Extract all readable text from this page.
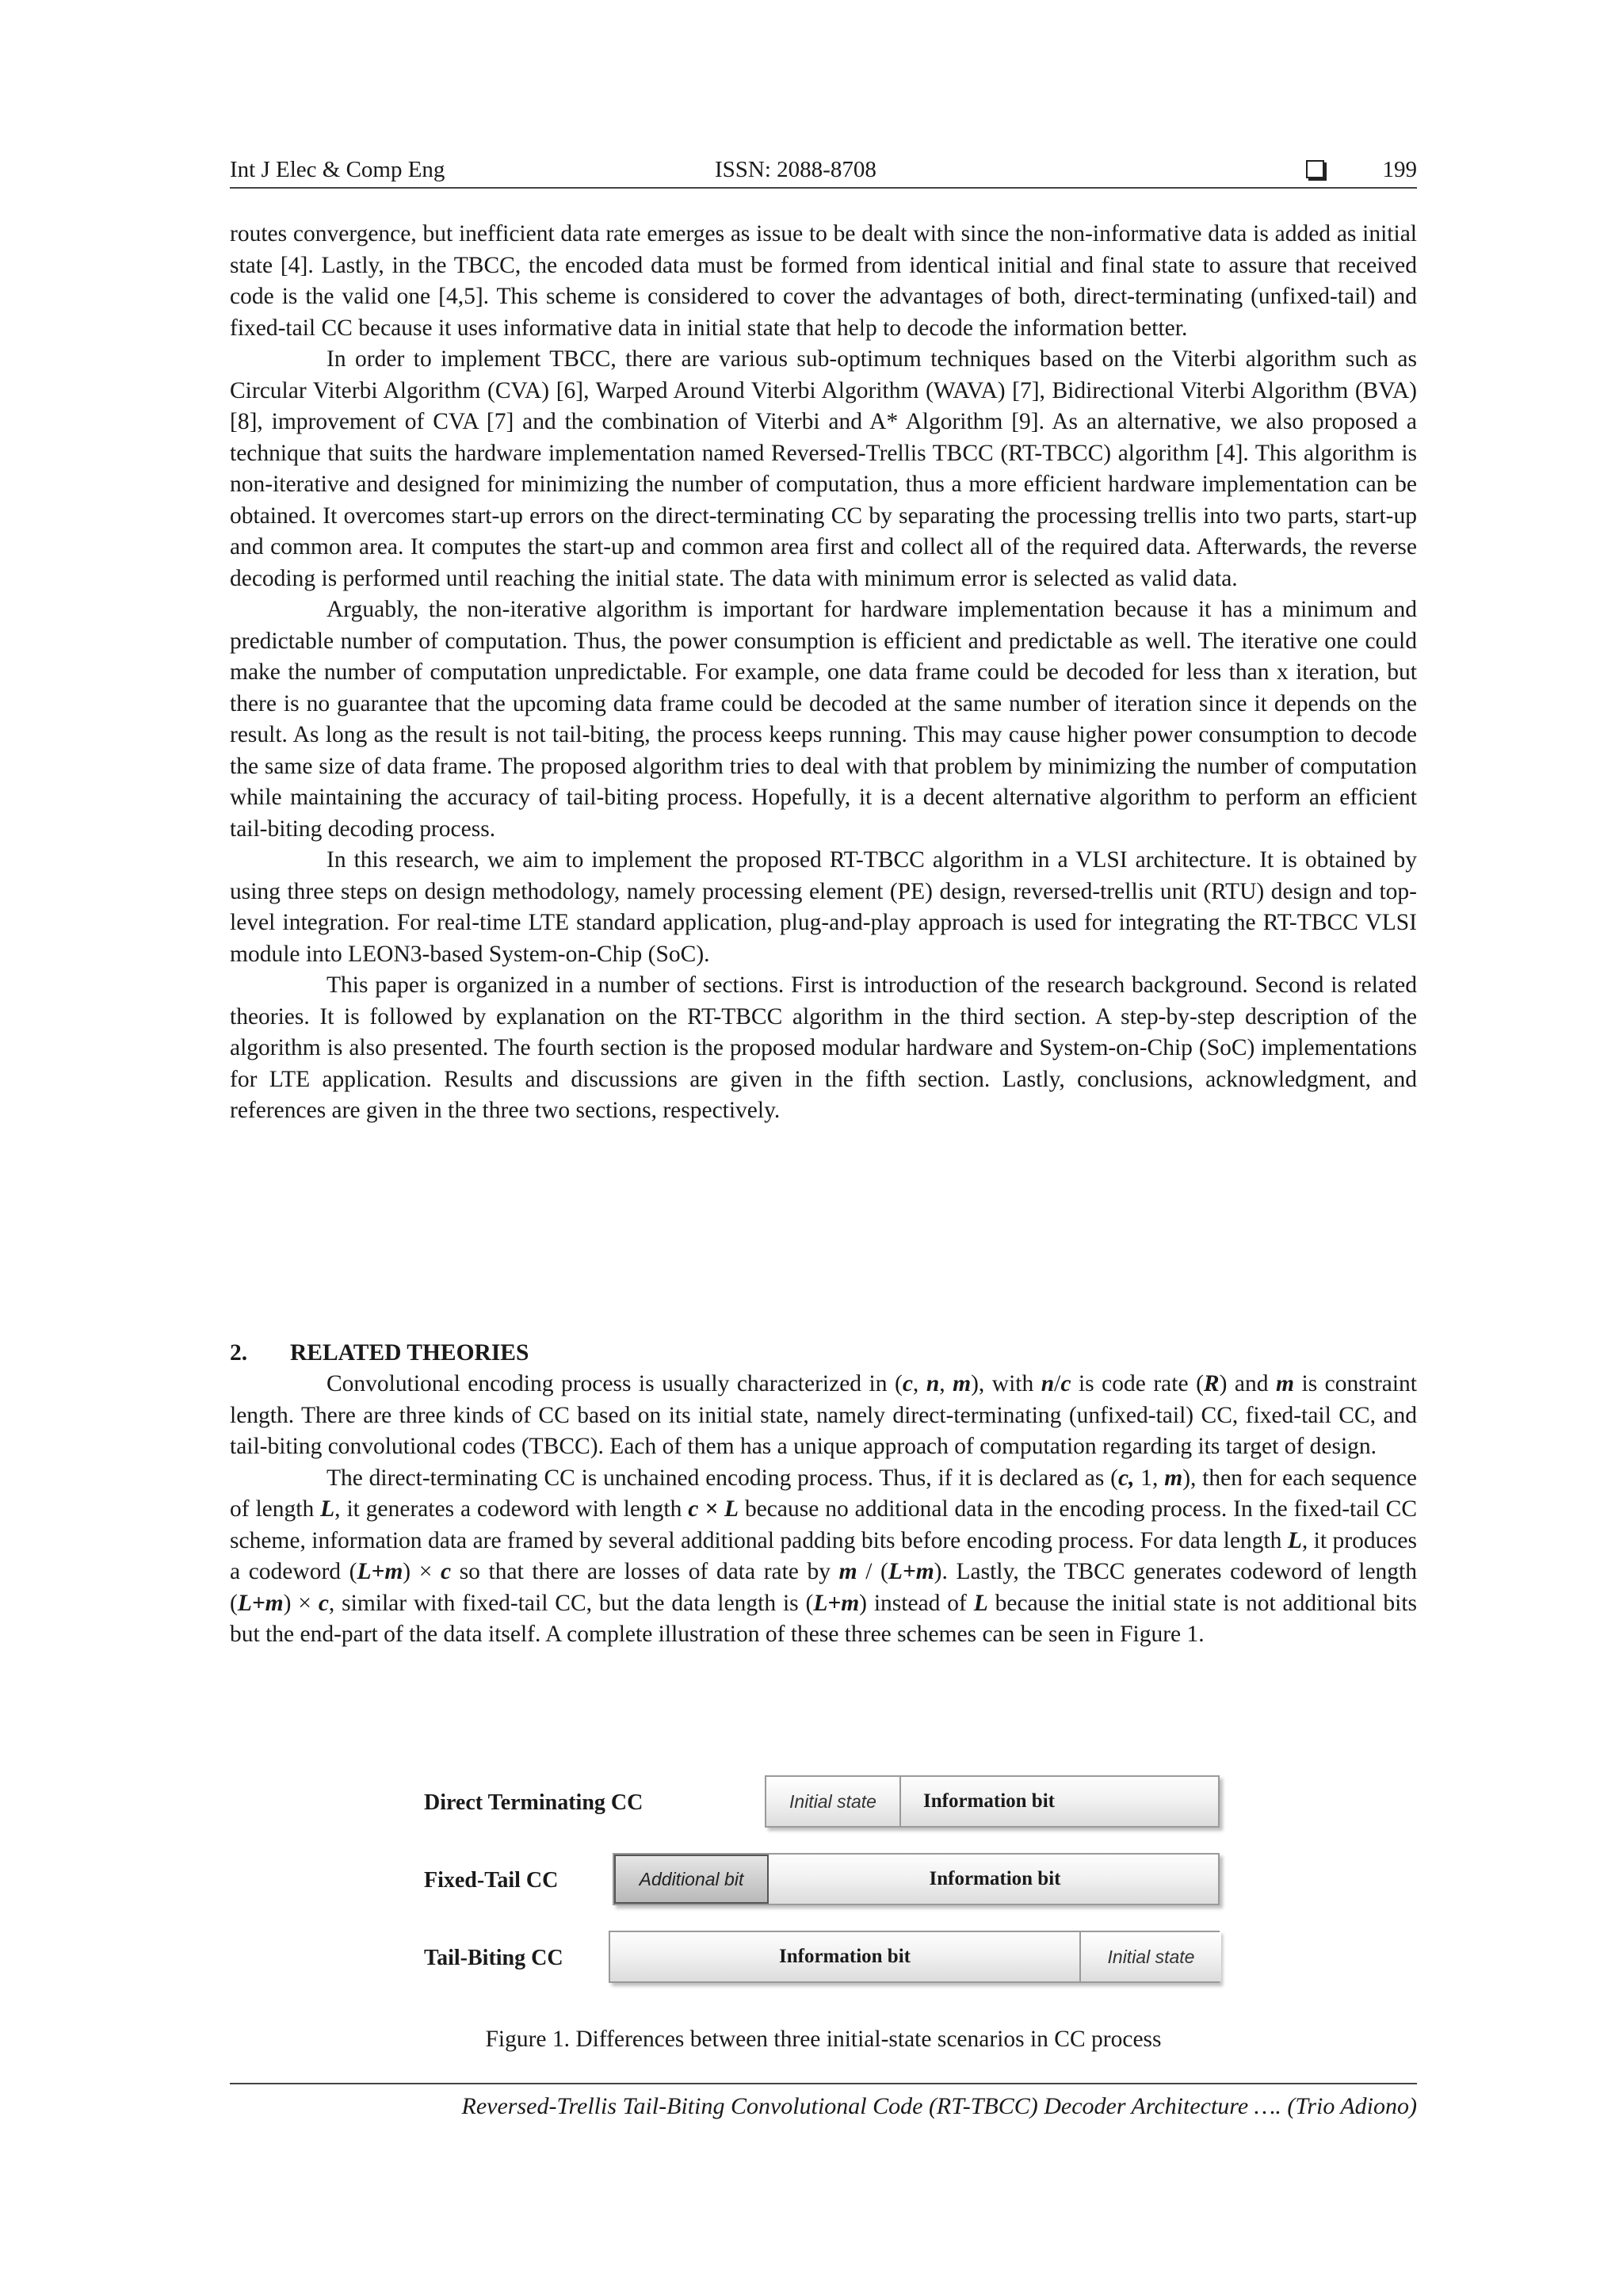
Int J Elec & Comp Eng	ISSN: 2088-8708	199

routes convergence, but inefficient data rate emerges as issue to be dealt with since the non-informative data is added as initial state [4]. Lastly, in the TBCC, the encoded data must be formed from identical initial and final state to assure that received code is the valid one [4,5]. This scheme is considered to cover the advantages of both, direct-terminating (unfixed-tail) and fixed-tail CC because it uses informative data in initial state that help to decode the information better.

In order to implement TBCC, there are various sub-optimum techniques based on the Viterbi algorithm such as Circular Viterbi Algorithm (CVA) [6], Warped Around Viterbi Algorithm (WAVA) [7], Bidirectional Viterbi Algorithm (BVA) [8], improvement of CVA [7] and the combination of Viterbi and A* Algorithm [9]. As an alternative, we also proposed a technique that suits the hardware implementation named Reversed-Trellis TBCC (RT-TBCC) algorithm [4]. This algorithm is non-iterative and designed for minimizing the number of computation, thus a more efficient hardware implementation can be obtained. It overcomes start-up errors on the direct-terminating CC by separating the processing trellis into two parts, start-up and common area. It computes the start-up and common area first and collect all of the required data. Afterwards, the reverse decoding is performed until reaching the initial state. The data with minimum error is selected as valid data.

Arguably, the non-iterative algorithm is important for hardware implementation because it has a minimum and predictable number of computation. Thus, the power consumption is efficient and predictable as well. The iterative one could make the number of computation unpredictable. For example, one data frame could be decoded for less than x iteration, but there is no guarantee that the upcoming data frame could be decoded at the same number of iteration since it depends on the result. As long as the result is not tail-biting, the process keeps running. This may cause higher power consumption to decode the same size of data frame. The proposed algorithm tries to deal with that problem by minimizing the number of computation while maintaining the accuracy of tail-biting process. Hopefully, it is a decent alternative algorithm to perform an efficient tail-biting decoding process.

In this research, we aim to implement the proposed RT-TBCC algorithm in a VLSI architecture. It is obtained by using three steps on design methodology, namely processing element (PE) design, reversed-trellis unit (RTU) design and top-level integration. For real-time LTE standard application, plug-and-play approach is used for integrating the RT-TBCC VLSI module into LEON3-based System-on-Chip (SoC).

This paper is organized in a number of sections. First is introduction of the research background. Second is related theories. It is followed by explanation on the RT-TBCC algorithm in the third section. A step-by-step description of the algorithm is also presented. The fourth section is the proposed modular hardware and System-on-Chip (SoC) implementations for LTE application. Results and discussions are given in the fifth section. Lastly, conclusions, acknowledgment, and references are given in the three two sections, respectively.

2. RELATED THEORIES

Convolutional encoding process is usually characterized in (c, n, m), with n/c is code rate (R) and m is constraint length. There are three kinds of CC based on its initial state, namely direct-terminating (unfixed-tail) CC, fixed-tail CC, and tail-biting convolutional codes (TBCC). Each of them has a unique approach of computation regarding its target of design.

The direct-terminating CC is unchained encoding process. Thus, if it is declared as (c, 1, m), then for each sequence of length L, it generates a codeword with length c × L because no additional data in the encoding process. In the fixed-tail CC scheme, information data are framed by several additional padding bits before encoding process. For data length L, it produces a codeword (L+m) × c so that there are losses of data rate by m / (L+m). Lastly, the TBCC generates codeword of length (L+m) × c, similar with fixed-tail CC, but the data length is (L+m) instead of L because the initial state is not additional bits but the end-part of the data itself. A complete illustration of these three schemes can be seen in Figure 1.

Direct Terminating CC	Initial state	Information bit
Fixed-Tail CC	Additional bit	Information bit
Tail-Biting CC	Information bit	Initial state
Figure 1. Differences between three initial-state scenarios in CC process
Reversed-Trellis Tail-Biting Convolutional Code (RT-TBCC) Decoder Architecture …. (Trio Adiono)
